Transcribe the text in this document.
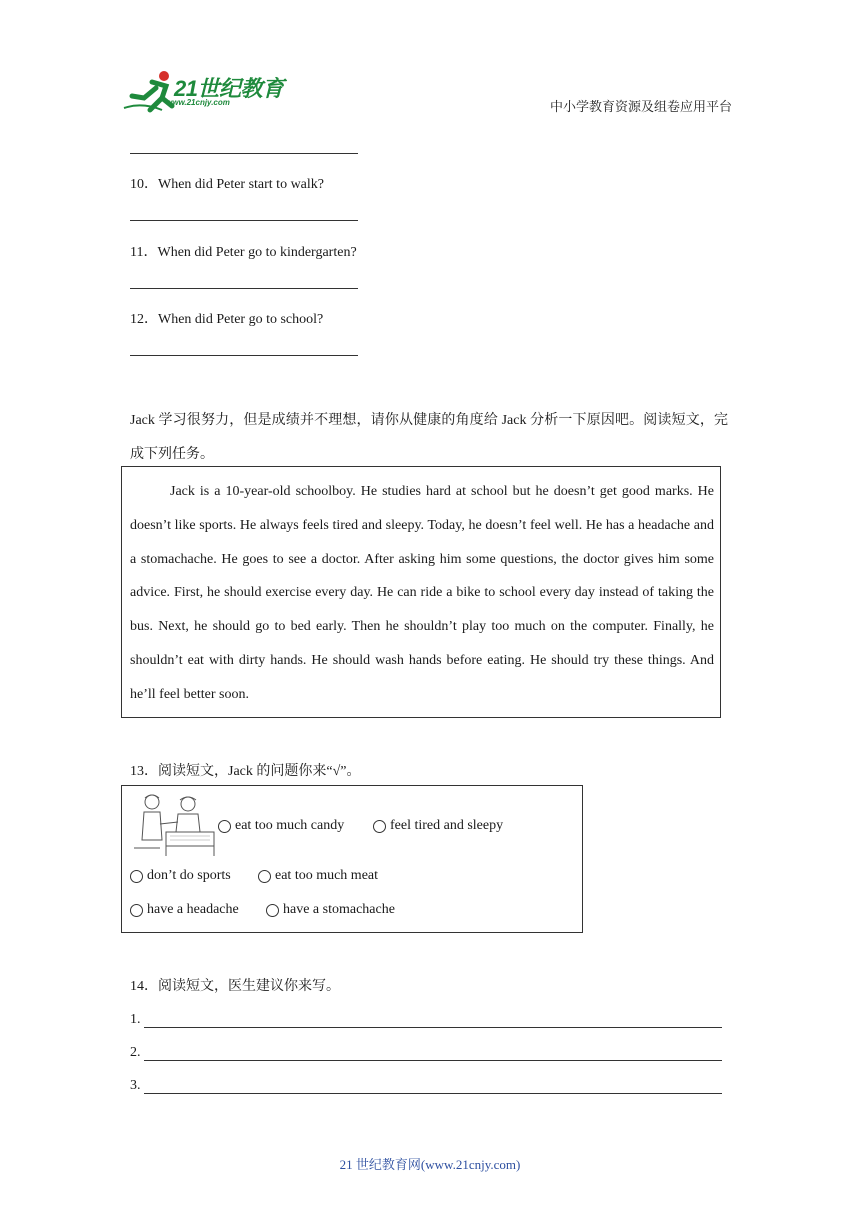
21世纪教育
www.21cnjy.com	中小学教育资源及组卷应用平台
10．When did Peter start to walk?
11．When did Peter go to kindergarten?
12．When did Peter go to school?
Jack 学习很努力，但是成绩并不理想，请你从健康的角度给 Jack 分析一下原因吧。阅读短文，完成下列任务。
Jack is a 10-year-old schoolboy. He studies hard at school but he doesn’t get good marks. He doesn’t like sports. He always feels tired and sleepy. Today, he doesn’t feel well. He has a headache and a stomachache. He goes to see a doctor. After asking him some questions, the doctor gives him some advice. First, he should exercise every day. He can ride a bike to school every day instead of taking the bus. Next, he should go to bed early. Then he shouldn’t play too much on the computer. Finally, he shouldn’t eat with dirty hands. He should wash hands before eating. He should try these things. And he’ll feel better soon.
13．阅读短文，Jack 的问题你来“√”。
eat too much candy	feel tired and sleepy
don’t do sports	eat too much meat
have a headache	have a stomachache
14．阅读短文，医生建议你来写。
1.
2.
3.
21 世纪教育网(www.21cnjy.com)
